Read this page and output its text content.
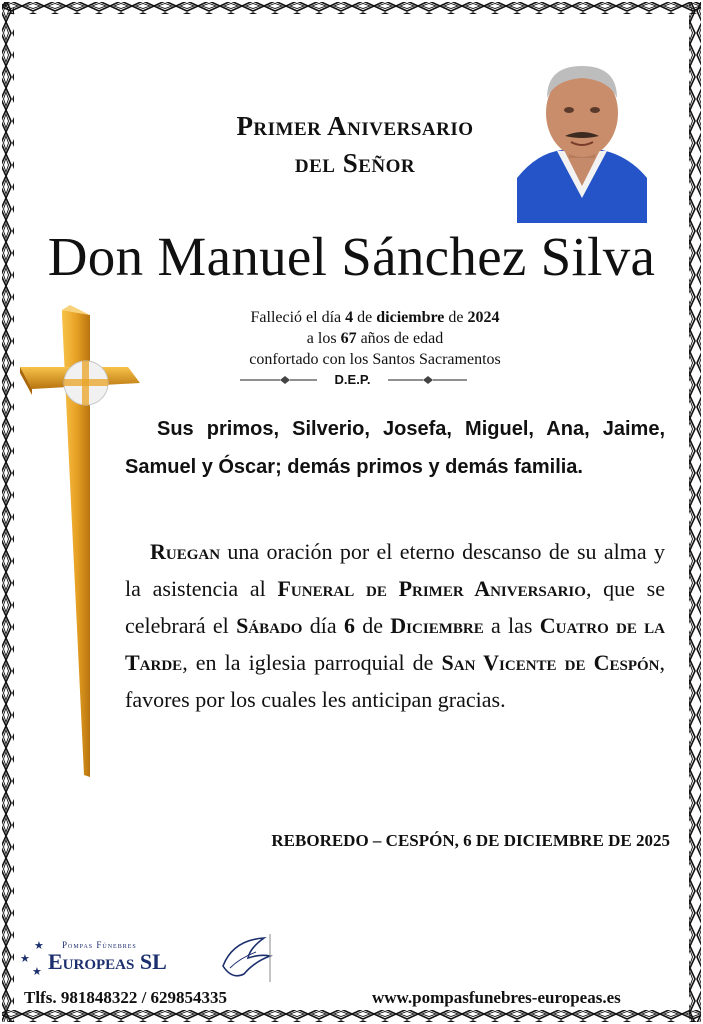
Primer Aniversario
del Señor
Don Manuel Sánchez Silva
Falleció el día 4 de diciembre de 2024
a los 67 años de edad
confortado con los Santos Sacramentos
D.E.P.
Sus primos, Silverio, Josefa, Miguel, Ana, Jaime, Samuel y Óscar; demás primos y demás familia.
Ruegan una oración por el eterno descanso de su alma y la asistencia al Funeral de Primer Aniversario, que se celebrará el Sábado día 6 de Diciembre a las Cuatro de la Tarde, en la iglesia parroquial de San Vicente de Cespón, favores por los cuales les anticipan gracias.
REBOREDO – CESPÓN, 6 DE DICIEMBRE DE 2025
★
★
★
Pompas Fúnebres
Europeas SL
Tlfs. 981848322 / 629854335	www.pompasfunebres-europeas.es
